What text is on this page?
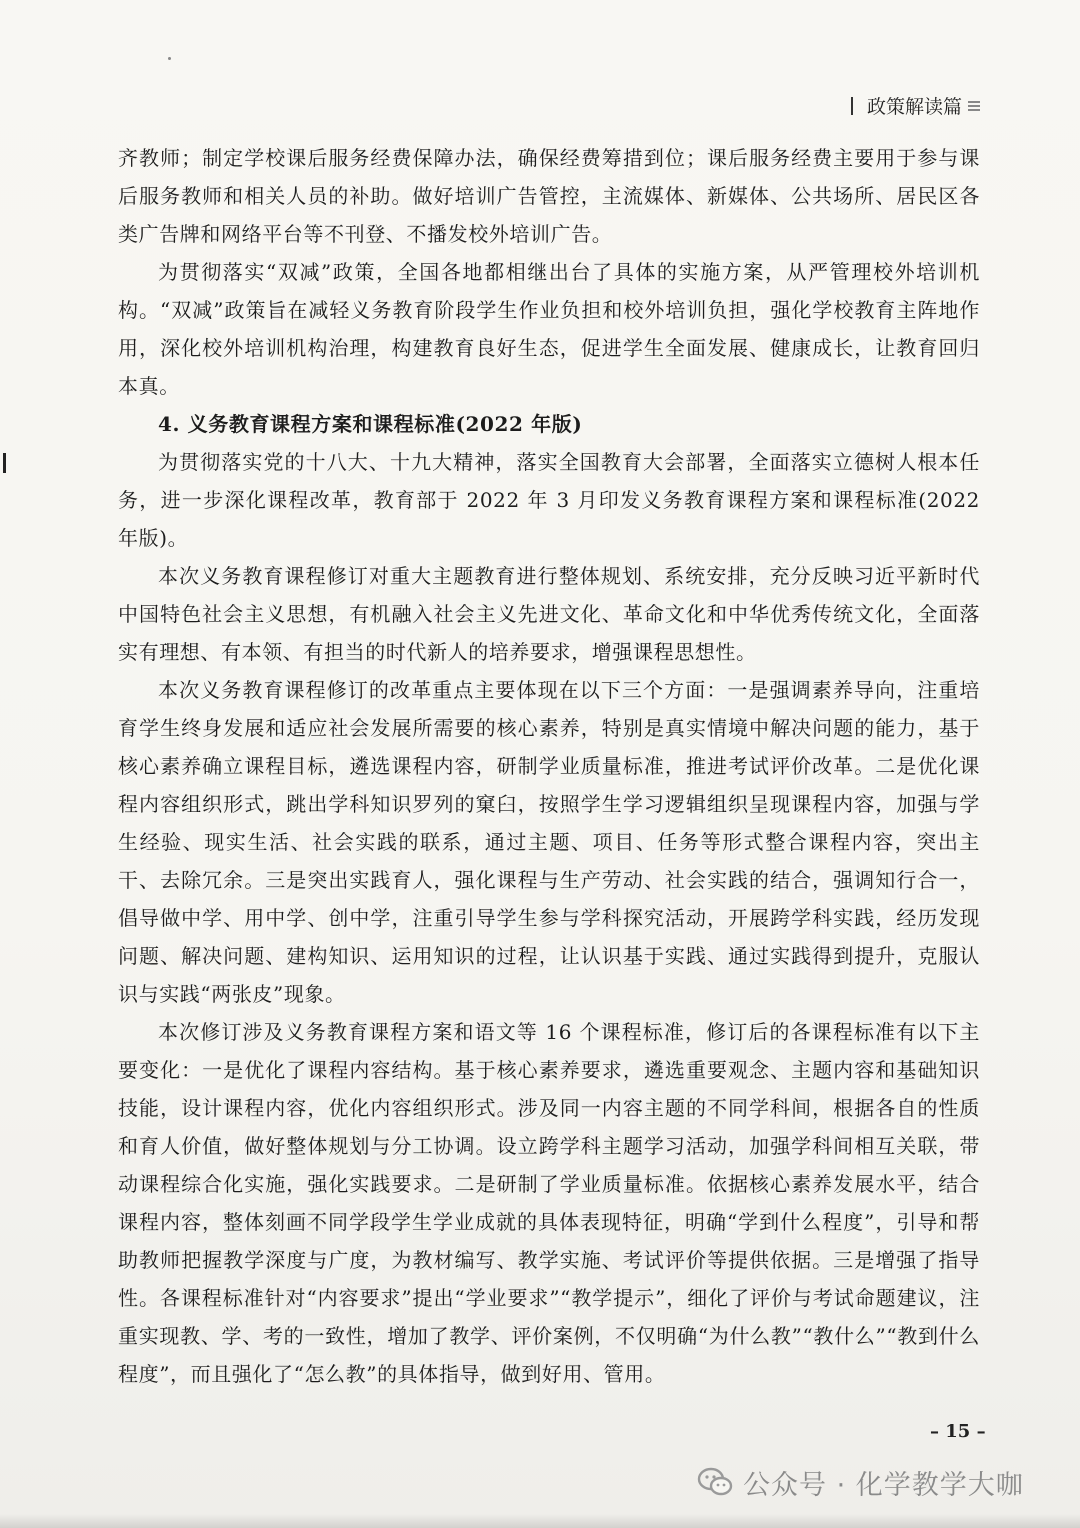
政策解读篇

齐教师；制定学校课后服务经费保障办法，确保经费筹措到位；课后服务经费主要用于参与课后服务教师和相关人员的补助。做好培训广告管控，主流媒体、新媒体、公共场所、居民区各类广告牌和网络平台等不刊登、不播发校外培训广告。

为贯彻落实“双减”政策，全国各地都相继出台了具体的实施方案，从严管理校外培训机构。“双减”政策旨在减轻义务教育阶段学生作业负担和校外培训负担，强化学校教育主阵地作用，深化校外培训机构治理，构建教育良好生态，促进学生全面发展、健康成长，让教育回归本真。

4. 义务教育课程方案和课程标准(2022 年版)

为贯彻落实党的十八大、十九大精神，落实全国教育大会部署，全面落实立德树人根本任务，进一步深化课程改革，教育部于 2022 年 3 月印发义务教育课程方案和课程标准(2022 年版)。

本次义务教育课程修订对重大主题教育进行整体规划、系统安排，充分反映习近平新时代中国特色社会主义思想，有机融入社会主义先进文化、革命文化和中华优秀传统文化，全面落实有理想、有本领、有担当的时代新人的培养要求，增强课程思想性。

本次义务教育课程修订的改革重点主要体现在以下三个方面：一是强调素养导向，注重培育学生终身发展和适应社会发展所需要的核心素养，特别是真实情境中解决问题的能力，基于核心素养确立课程目标，遴选课程内容，研制学业质量标准，推进考试评价改革。二是优化课程内容组织形式，跳出学科知识罗列的窠臼，按照学生学习逻辑组织呈现课程内容，加强与学生经验、现实生活、社会实践的联系，通过主题、项目、任务等形式整合课程内容，突出主干、去除冗余。三是突出实践育人，强化课程与生产劳动、社会实践的结合，强调知行合一，倡导做中学、用中学、创中学，注重引导学生参与学科探究活动，开展跨学科实践，经历发现问题、解决问题、建构知识、运用知识的过程，让认识基于实践、通过实践得到提升，克服认识与实践“两张皮”现象。

本次修订涉及义务教育课程方案和语文等 16 个课程标准，修订后的各课程标准有以下主要变化：一是优化了课程内容结构。基于核心素养要求，遴选重要观念、主题内容和基础知识技能，设计课程内容，优化内容组织形式。涉及同一内容主题的不同学科间，根据各自的性质和育人价值，做好整体规划与分工协调。设立跨学科主题学习活动，加强学科间相互关联，带动课程综合化实施，强化实践要求。二是研制了学业质量标准。依据核心素养发展水平，结合课程内容，整体刻画不同学段学生学业成就的具体表现特征，明确“学到什么程度”，引导和帮助教师把握教学深度与广度，为教材编写、教学实施、考试评价等提供依据。三是增强了指导性。各课程标准针对“内容要求”提出“学业要求”“教学提示”，细化了评价与考试命题建议，注重实现教、学、考的一致性，增加了教学、评价案例，不仅明确“为什么教”“教什么”“教到什么程度”，而且强化了“怎么教”的具体指导，做到好用、管用。

– 15 –
公众号 · 化学教学大咖
